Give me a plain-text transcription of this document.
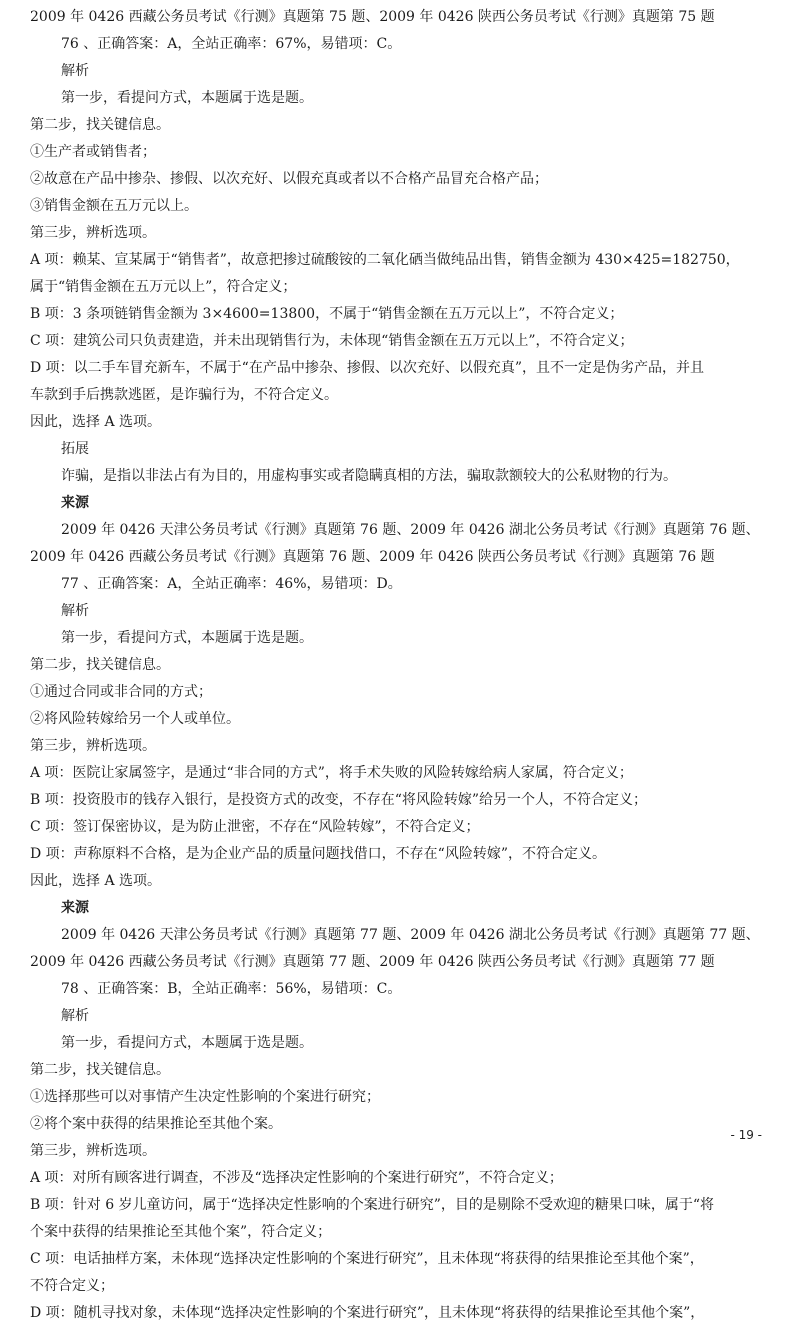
2009 年 0426 西藏公务员考试《行测》真题第 75 题、2009 年 0426 陕西公务员考试《行测》真题第 75 题

76 、正确答案：A，全站正确率：67%，易错项：C。

解析

第一步，看提问方式，本题属于选是题。

第二步，找关键信息。

①生产者或销售者；

②故意在产品中掺杂、掺假、以次充好、以假充真或者以不合格产品冒充合格产品；

③销售金额在五万元以上。

第三步，辨析选项。

A 项：赖某、宣某属于“销售者”，故意把掺过硫酸铵的二氧化硒当做纯品出售，销售金额为 430×425=182750，

属于“销售金额在五万元以上”，符合定义；

B 项：3 条项链销售金额为 3×4600=13800，不属于“销售金额在五万元以上”，不符合定义；

C 项：建筑公司只负责建造，并未出现销售行为，未体现“销售金额在五万元以上”，不符合定义；

D 项：以二手车冒充新车，不属于“在产品中掺杂、掺假、以次充好、以假充真”，且不一定是伪劣产品，并且

车款到手后携款逃匿，是诈骗行为，不符合定义。

因此，选择 A 选项。

拓展

诈骗，是指以非法占有为目的，用虚构事实或者隐瞒真相的方法，骗取款额较大的公私财物的行为。

来源

2009 年 0426 天津公务员考试《行测》真题第 76 题、2009 年 0426 湖北公务员考试《行测》真题第 76 题、

2009 年 0426 西藏公务员考试《行测》真题第 76 题、2009 年 0426 陕西公务员考试《行测》真题第 76 题

77 、正确答案：A，全站正确率：46%，易错项：D。

解析

第一步，看提问方式，本题属于选是题。

第二步，找关键信息。

①通过合同或非合同的方式；

②将风险转嫁给另一个人或单位。

第三步，辨析选项。

A 项：医院让家属签字，是通过“非合同的方式”，将手术失败的风险转嫁给病人家属，符合定义；

B 项：投资股市的钱存入银行，是投资方式的改变，不存在“将风险转嫁”给另一个人，不符合定义；

C 项：签订保密协议，是为防止泄密，不存在“风险转嫁”，不符合定义；

D 项：声称原料不合格，是为企业产品的质量问题找借口，不存在“风险转嫁”，不符合定义。

因此，选择 A 选项。

来源

2009 年 0426 天津公务员考试《行测》真题第 77 题、2009 年 0426 湖北公务员考试《行测》真题第 77 题、

2009 年 0426 西藏公务员考试《行测》真题第 77 题、2009 年 0426 陕西公务员考试《行测》真题第 77 题

78 、正确答案：B，全站正确率：56%，易错项：C。

解析

第一步，看提问方式，本题属于选是题。

第二步，找关键信息。

①选择那些可以对事情产生决定性影响的个案进行研究；

②将个案中获得的结果推论至其他个案。

第三步，辨析选项。

A 项：对所有顾客进行调查，不涉及“选择决定性影响的个案进行研究”，不符合定义；

B 项：针对 6 岁儿童访问，属于“选择决定性影响的个案进行研究”，目的是剔除不受欢迎的糖果口味，属于“将

个案中获得的结果推论至其他个案”，符合定义；

C 项：电话抽样方案，未体现“选择决定性影响的个案进行研究”，且未体现“将获得的结果推论至其他个案”，

不符合定义；

D 项：随机寻找对象，未体现“选择决定性影响的个案进行研究”，且未体现“将获得的结果推论至其他个案”，

- 19 -
